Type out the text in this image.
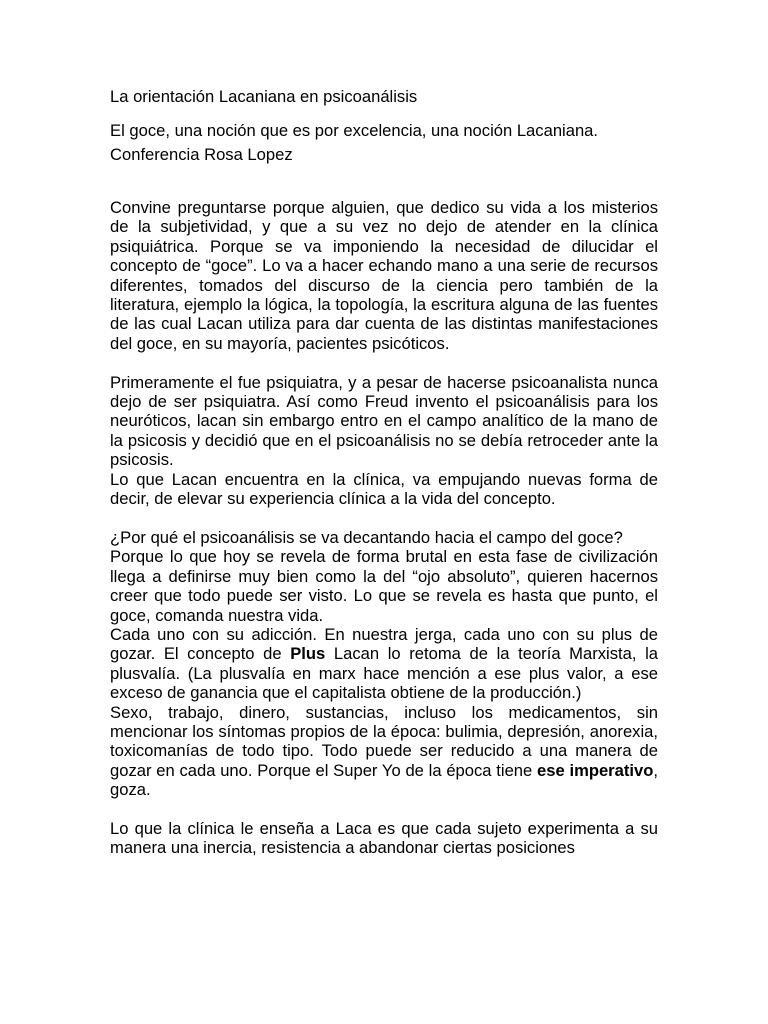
La orientación Lacaniana en psicoanálisis
El goce, una noción que es por excelencia, una noción Lacaniana.
Conferencia Rosa Lopez

Convine preguntarse porque alguien, que dedico su vida a los misterios de la subjetividad, y que a su vez no dejo de atender en la clínica psiquiátrica. Porque se va imponiendo la necesidad de dilucidar el concepto de “goce”. Lo va a hacer echando mano a una serie de recursos diferentes, tomados del discurso de la ciencia pero también de la literatura, ejemplo la lógica, la topología, la escritura alguna de las fuentes de las cual Lacan utiliza para dar cuenta de las distintas manifestaciones del goce, en su mayoría, pacientes psicóticos.

Primeramente el fue psiquiatra, y a pesar de hacerse psicoanalista nunca dejo de ser psiquiatra. Así como Freud invento el psicoanálisis para los neuróticos, lacan sin embargo entro en el campo analítico de la mano de la psicosis y decidió que en el psicoanálisis no se debía retroceder ante la psicosis.

Lo que Lacan encuentra en la clínica, va empujando nuevas forma de decir, de elevar su experiencia clínica a la vida del concepto.

¿Por qué el psicoanálisis se va decantando hacia el campo del goce?

Porque lo que hoy se revela de forma brutal en esta fase de civilización llega a definirse muy bien como la del “ojo absoluto”, quieren hacernos creer que todo puede ser visto. Lo que se revela es hasta que punto, el goce, comanda nuestra vida.

Cada uno con su adicción. En nuestra jerga, cada uno con su plus de gozar. El concepto de Plus Lacan lo retoma de la teoría Marxista, la plusvalía. (La plusvalía en marx hace mención a ese plus valor, a ese exceso de ganancia que el capitalista obtiene de la producción.)

Sexo, trabajo, dinero, sustancias, incluso los medicamentos, sin mencionar los síntomas propios de la época: bulimia, depresión, anorexia, toxicomanías de todo tipo. Todo puede ser reducido a una manera de gozar en cada uno. Porque el Super Yo de la época tiene ese imperativo, goza.

Lo que la clínica le enseña a Laca es que cada sujeto experimenta a su manera una inercia, resistencia a abandonar ciertas posiciones
